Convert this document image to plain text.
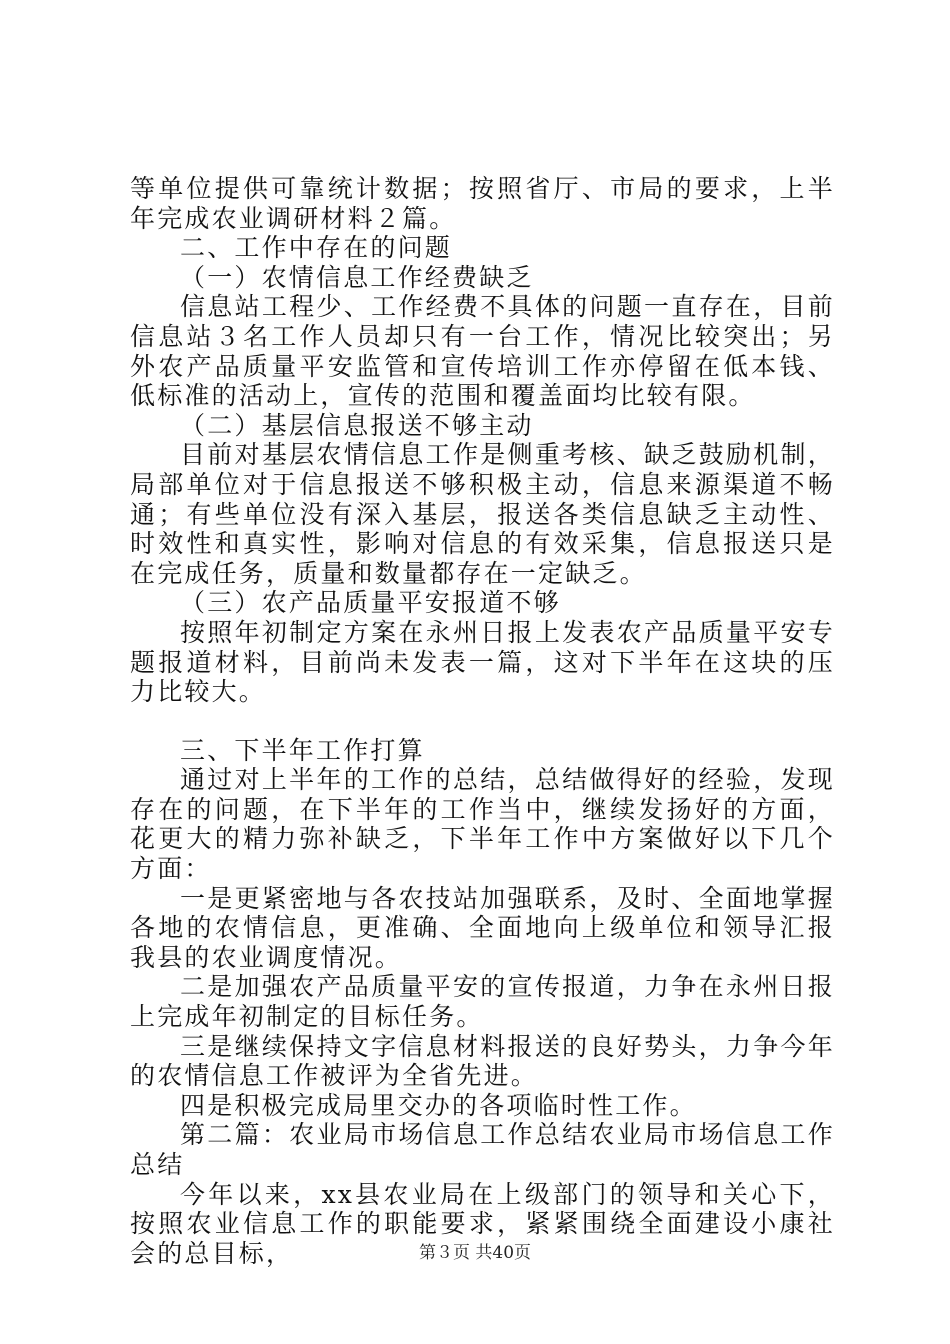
等单位提供可靠统计数据；按照省厅、市局的要求，上半年完成农业调研材料２篇。

二、工作中存在的问题

（一）农情信息工作经费缺乏

信息站工程少、工作经费不具体的问题一直存在，目前信息站３名工作人员却只有一台工作，情况比较突出；另外农产品质量平安监管和宣传培训工作亦停留在低本钱、低标准的活动上，宣传的范围和覆盖面均比较有限。

（二）基层信息报送不够主动

目前对基层农情信息工作是侧重考核、缺乏鼓励机制，局部单位对于信息报送不够积极主动，信息来源渠道不畅通；有些单位没有深入基层，报送各类信息缺乏主动性、时效性和真实性，影响对信息的有效采集，信息报送只是在完成任务，质量和数量都存在一定缺乏。

（三）农产品质量平安报道不够

按照年初制定方案在永州日报上发表农产品质量平安专题报道材料，目前尚未发表一篇，这对下半年在这块的压力比较大。

三、下半年工作打算

通过对上半年的工作的总结，总结做得好的经验，发现存在的问题，在下半年的工作当中，继续发扬好的方面，花更大的精力弥补缺乏，下半年工作中方案做好以下几个方面：

一是更紧密地与各农技站加强联系，及时、全面地掌握各地的农情信息，更准确、全面地向上级单位和领导汇报我县的农业调度情况。

二是加强农产品质量平安的宣传报道，力争在永州日报上完成年初制定的目标任务。

三是继续保持文字信息材料报送的良好势头，力争今年的农情信息工作被评为全省先进。

四是积极完成局里交办的各项临时性工作。

第二篇：农业局市场信息工作总结农业局市场信息工作总结

今年以来，xx县农业局在上级部门的领导和关心下，按照农业信息工作的职能要求，紧紧围绕全面建设小康社会的总目标，	第３页 共40页
